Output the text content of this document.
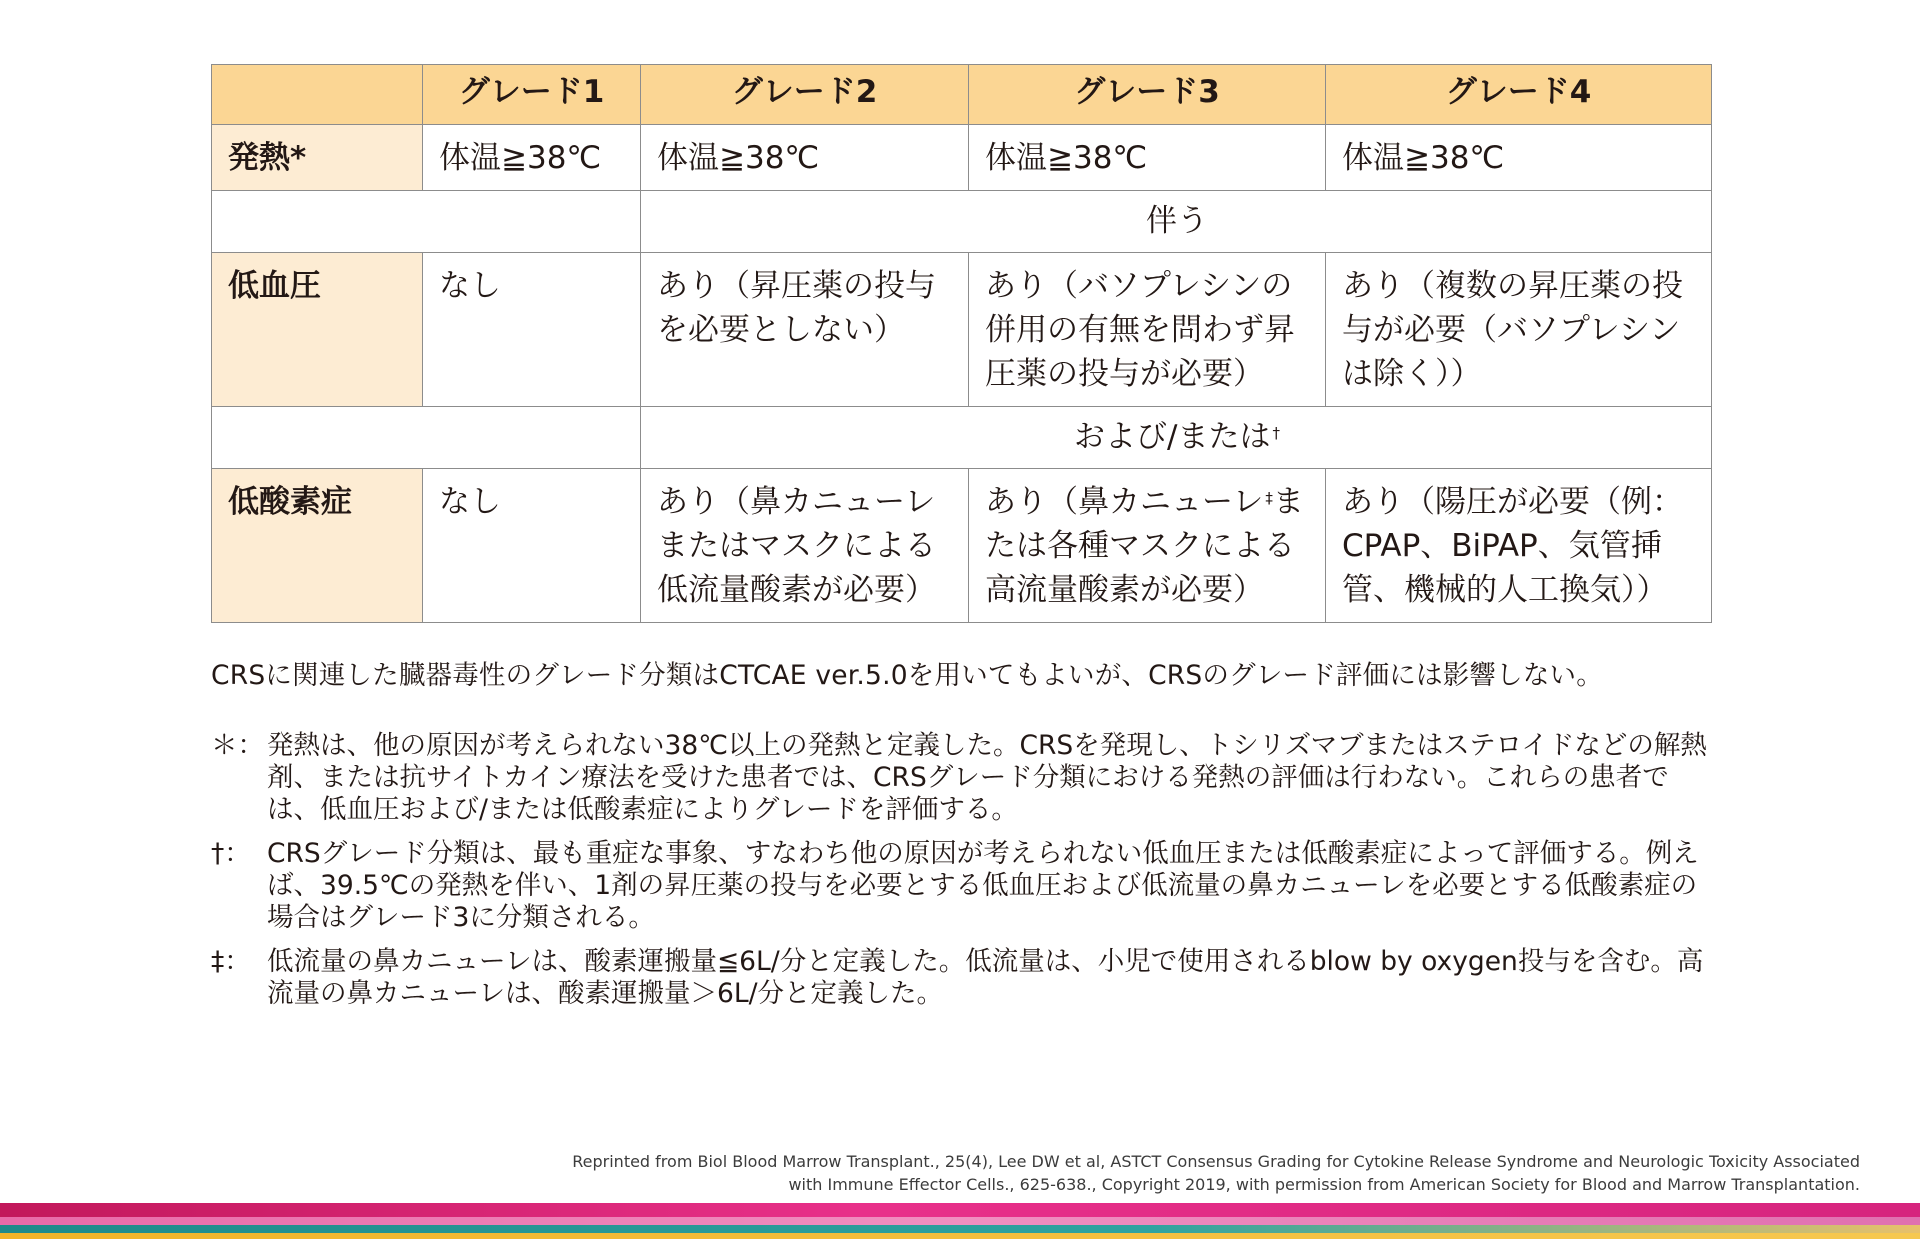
	グレード1	グレード2	グレード3	グレード4
発熱*	体温≧38℃	体温≧38℃	体温≧38℃	体温≧38℃
		伴う		
低血圧	なし	あり（昇圧薬の投与を必要としない）	あり（バソプレシンの併用の有無を問わず昇圧薬の投与が必要）	あり（複数の昇圧薬の投与が必要（バソプレシンは除く））
		および/または †
低酸素症	なし	あり（鼻カニューレまたはマスクによる低流量酸素が必要）	あり（鼻カニューレ ‡または各種マスクによる高流量酸素が必要）	あり（陽圧が必要（例：CPAP、BiPAP、気管挿管、機械的人工換気））

CRSに関連した臓器毒性のグレード分類はCTCAE ver.5.0を用いてもよいが、CRSのグレード評価には影響しない。

＊： 発熱は、他の原因が考えられない38℃以上の発熱と定義した。CRSを発現し、トシリズマブまたはステロイドなどの解熱剤、または抗サイトカイン療法を受けた患者では、CRSグレード分類における発熱の評価は行わない。これらの患者では、低血圧および/または低酸素症によりグレードを評価する。
†： CRSグレード分類は、最も重症な事象、すなわち他の原因が考えられない低血圧または低酸素症によって評価する。例えば、39.5℃の発熱を伴い、1剤の昇圧薬の投与を必要とする低血圧および低流量の鼻カニューレを必要とする低酸素症の場合はグレード3に分類される。
‡： 低流量の鼻カニューレは、酸素運搬量≦6L/分と定義した。低流量は、小児で使用されるblow by oxygen投与を含む。高流量の鼻カニューレは、酸素運搬量＞6L/分と定義した。
Reprinted from Biol Blood Marrow Transplant., 25(4), Lee DW et al, ASTCT Consensus Grading for Cytokine Release Syndrome and Neurologic Toxicity Associated
with Immune Effector Cells., 625-638., Copyright 2019, with permission from American Society for Blood and Marrow Transplantation.
